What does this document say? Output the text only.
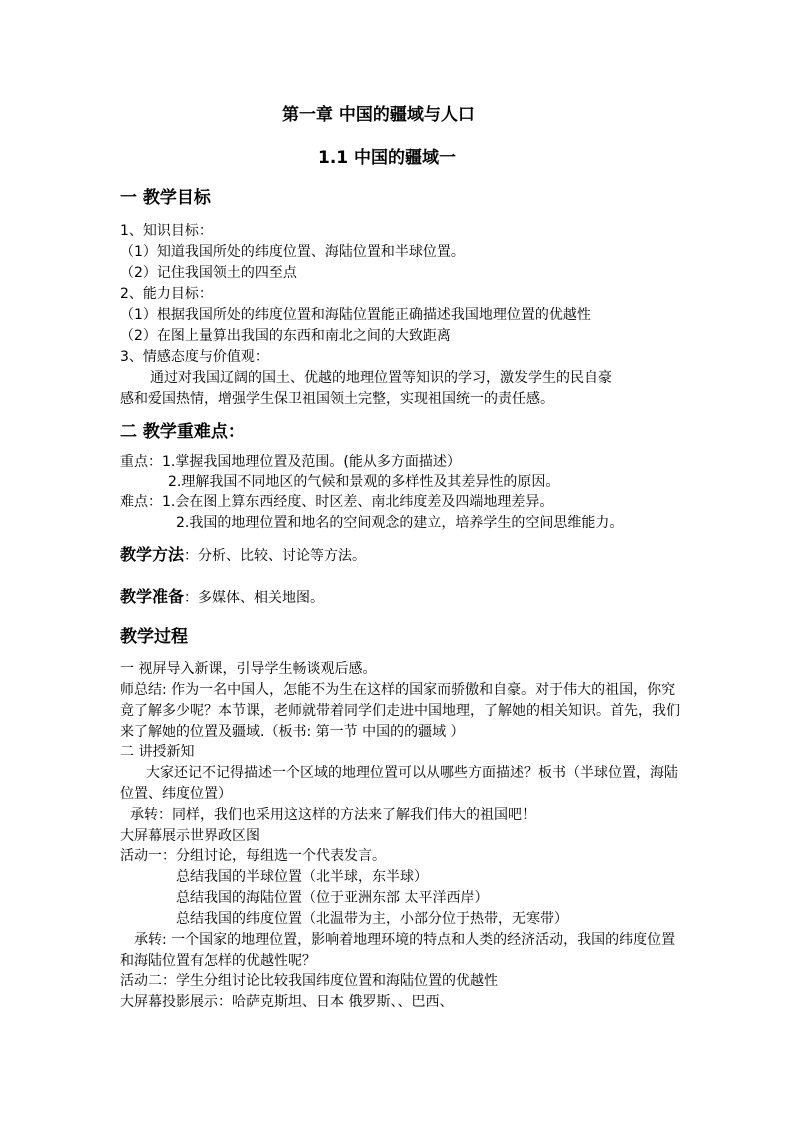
第一章 中国的疆域与人口
1.1 中国的疆域一
一 教学目标
1、知识目标：
（1）知道我国所处的纬度位置、海陆位置和半球位置。
（2）记住我国领土的四至点
2、能力目标：
（1）根据我国所处的纬度位置和海陆位置能正确描述我国地理位置的优越性
（2）在图上量算出我国的东西和南北之间的大致距离
3、情感态度与价值观：
通过对我国辽阔的国土、优越的地理位置等知识的学习，激发学生的民自豪
感和爱国热情，增强学生保卫祖国领土完整，实现祖国统一的责任感。
二 教学重难点：
重点：1.掌握我国地理位置及范围。(能从多方面描述）
2.理解我国不同地区的气候和景观的多样性及其差异性的原因。
难点：1.会在图上算东西经度、时区差、南北纬度差及四端地理差异。
2.我国的地理位置和地名的空间观念的建立，培养学生的空间思维能力。
教学方法：分析、比较、讨论等方法。
教学准备：多媒体、相关地图。
教学过程
一 视屏导入新课，引导学生畅谈观后感。
师总结: 作为一名中国人，怎能不为生在这样的国家而骄傲和自豪。对于伟大的祖国，你究
竟了解多少呢？本节课，老师就带着同学们走进中国地理，了解她的相关知识。首先，我们
来了解她的位置及疆域.（板书: 第一节 中国的的疆域 ）
二 讲授新知
大家还记不记得描述一个区域的地理位置可以从哪些方面描述？板书（半球位置，海陆
位置、纬度位置）
承转：同样，我们也采用这这样的方法来了解我们伟大的祖国吧！
大屏幕展示世界政区图
活动一：分组讨论，每组选一个代表发言。
总结我国的半球位置（北半球，东半球）
总结我国的海陆位置（位于亚洲东部 太平洋西岸）
总结我国的纬度位置（北温带为主，小部分位于热带，无寒带）
承转: 一个国家的地理位置，影响着地理环境的特点和人类的经济活动，我国的纬度位置
和海陆位置有怎样的优越性呢？
活动二：学生分组讨论比较我国纬度位置和海陆位置的优越性
大屏幕投影展示：哈萨克斯坦、日本 俄罗斯、、巴西、
